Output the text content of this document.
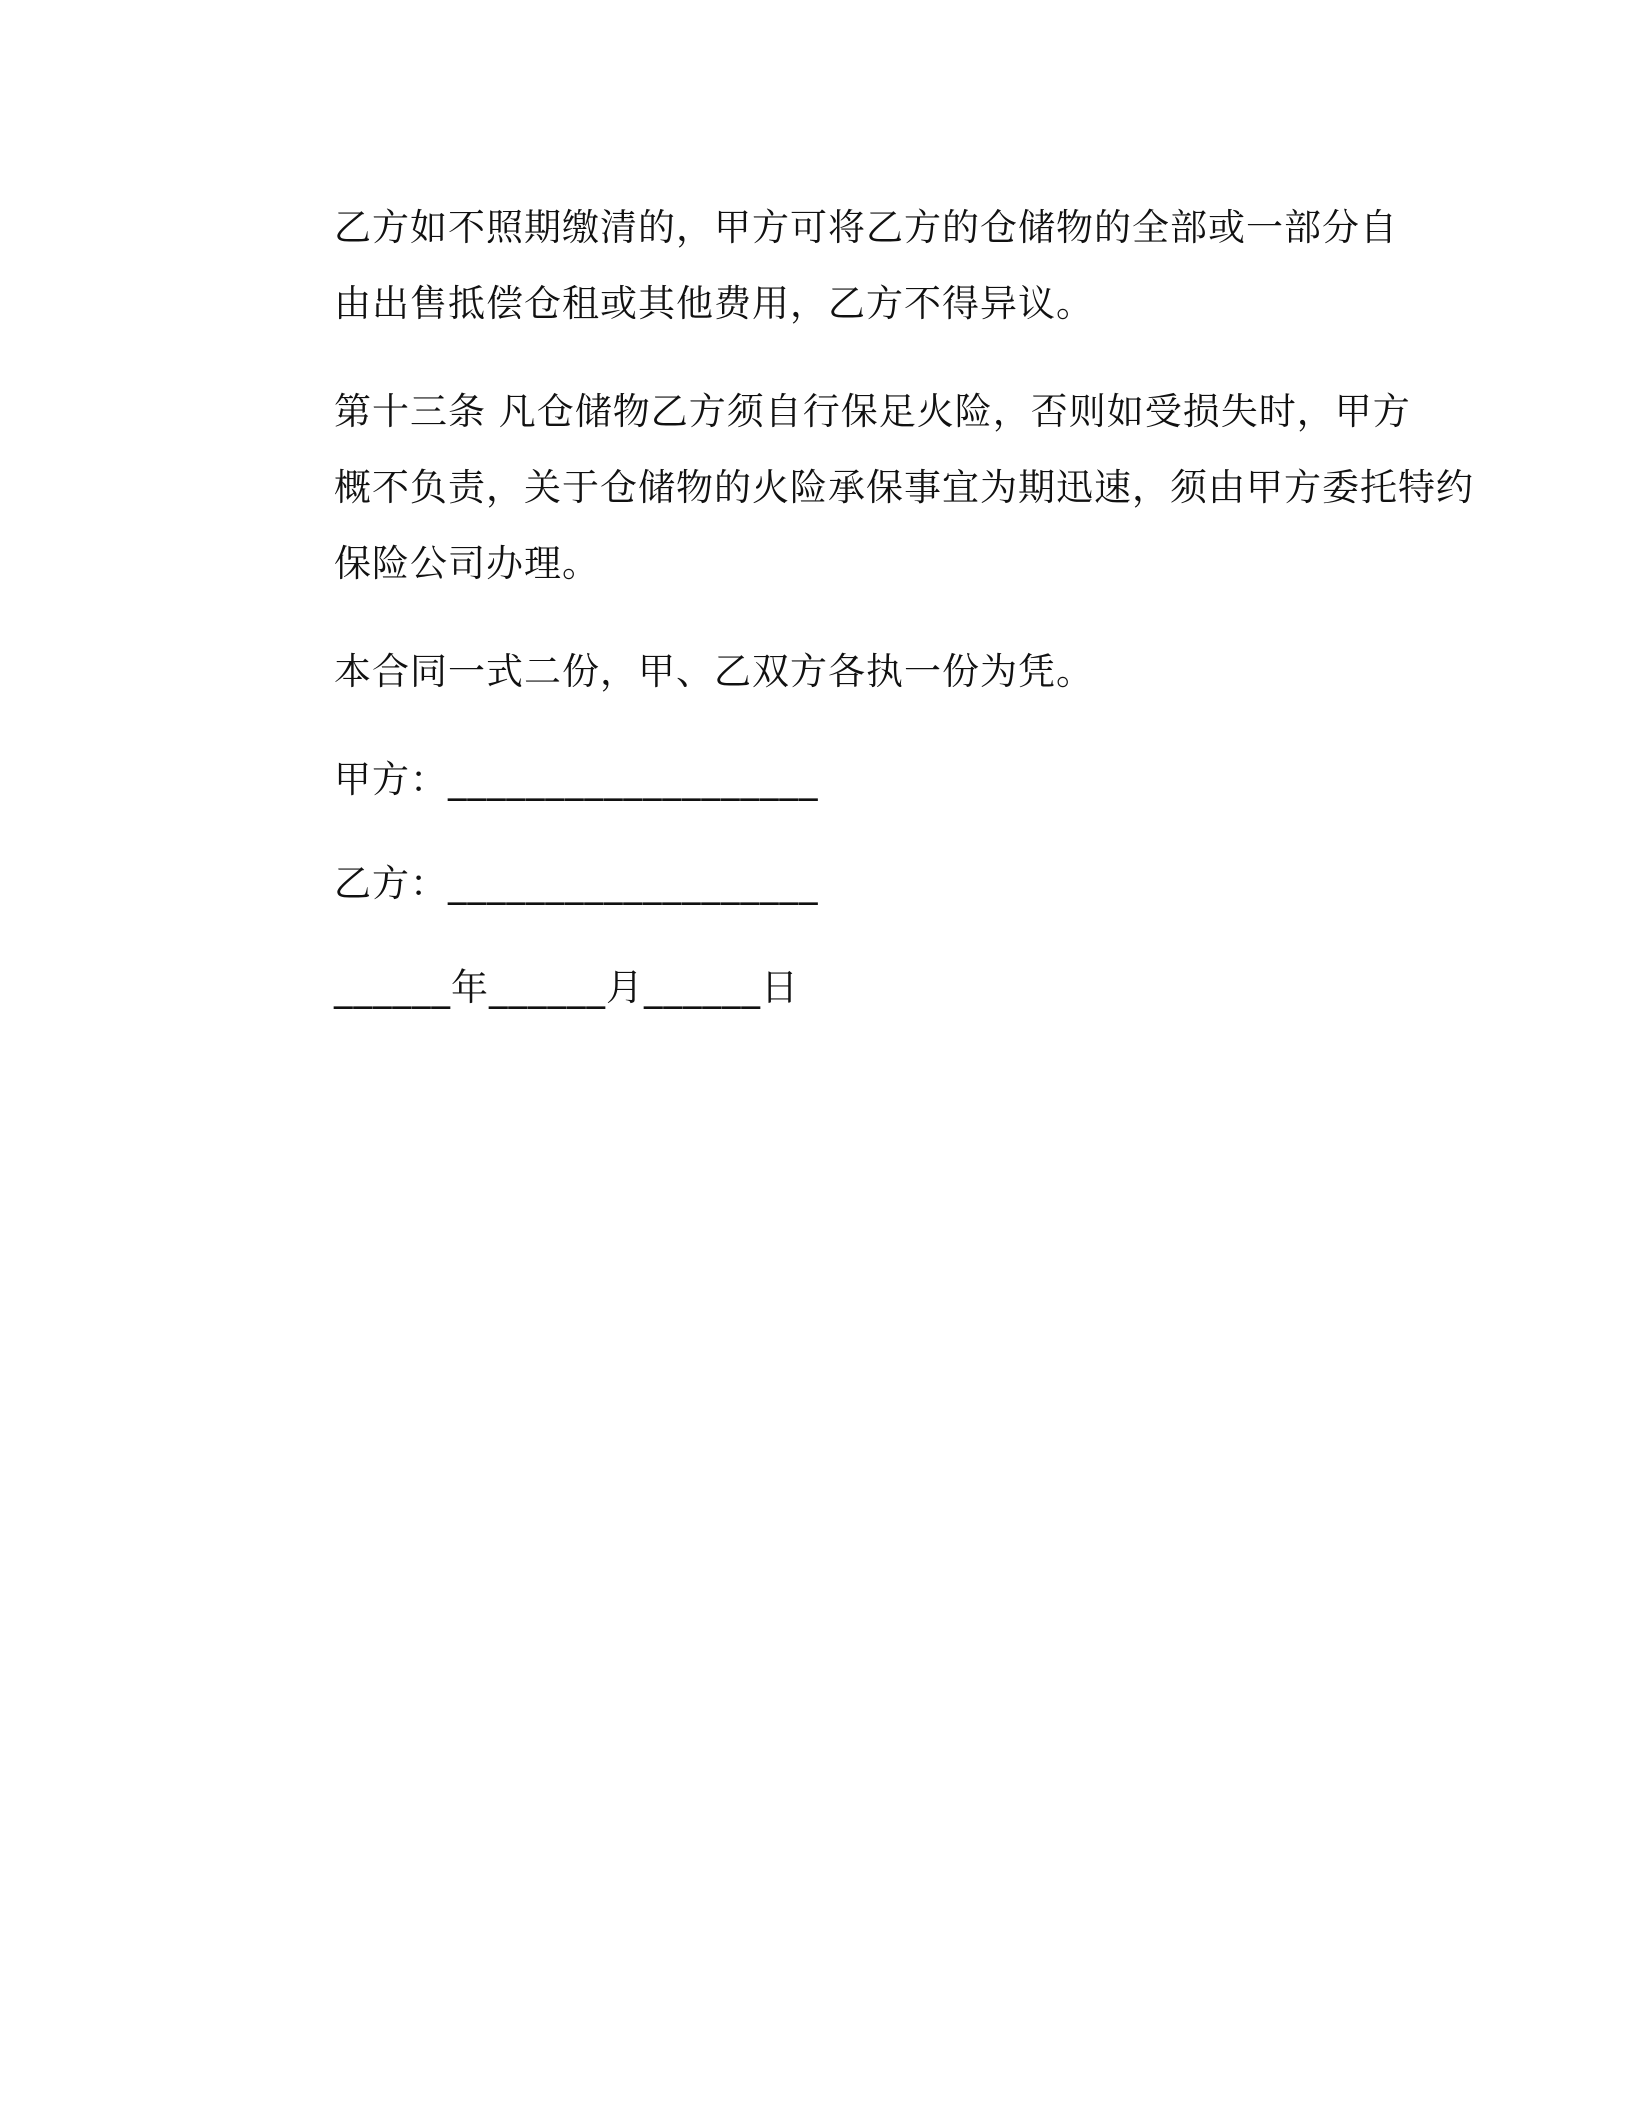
乙方如不照期缴清的，甲方可将乙方的仓储物的全部或一部分自
由出售抵偿仓租或其他费用，乙方不得异议。

第十三条 凡仓储物乙方须自行保足火险，否则如受损失时，甲方
概不负责，关于仓储物的火险承保事宜为期迅速，须由甲方委托特约
保险公司办理。

本合同一式二份，甲、乙双方各执一份为凭。

甲方：___________________
乙方：___________________
______年______月______日
